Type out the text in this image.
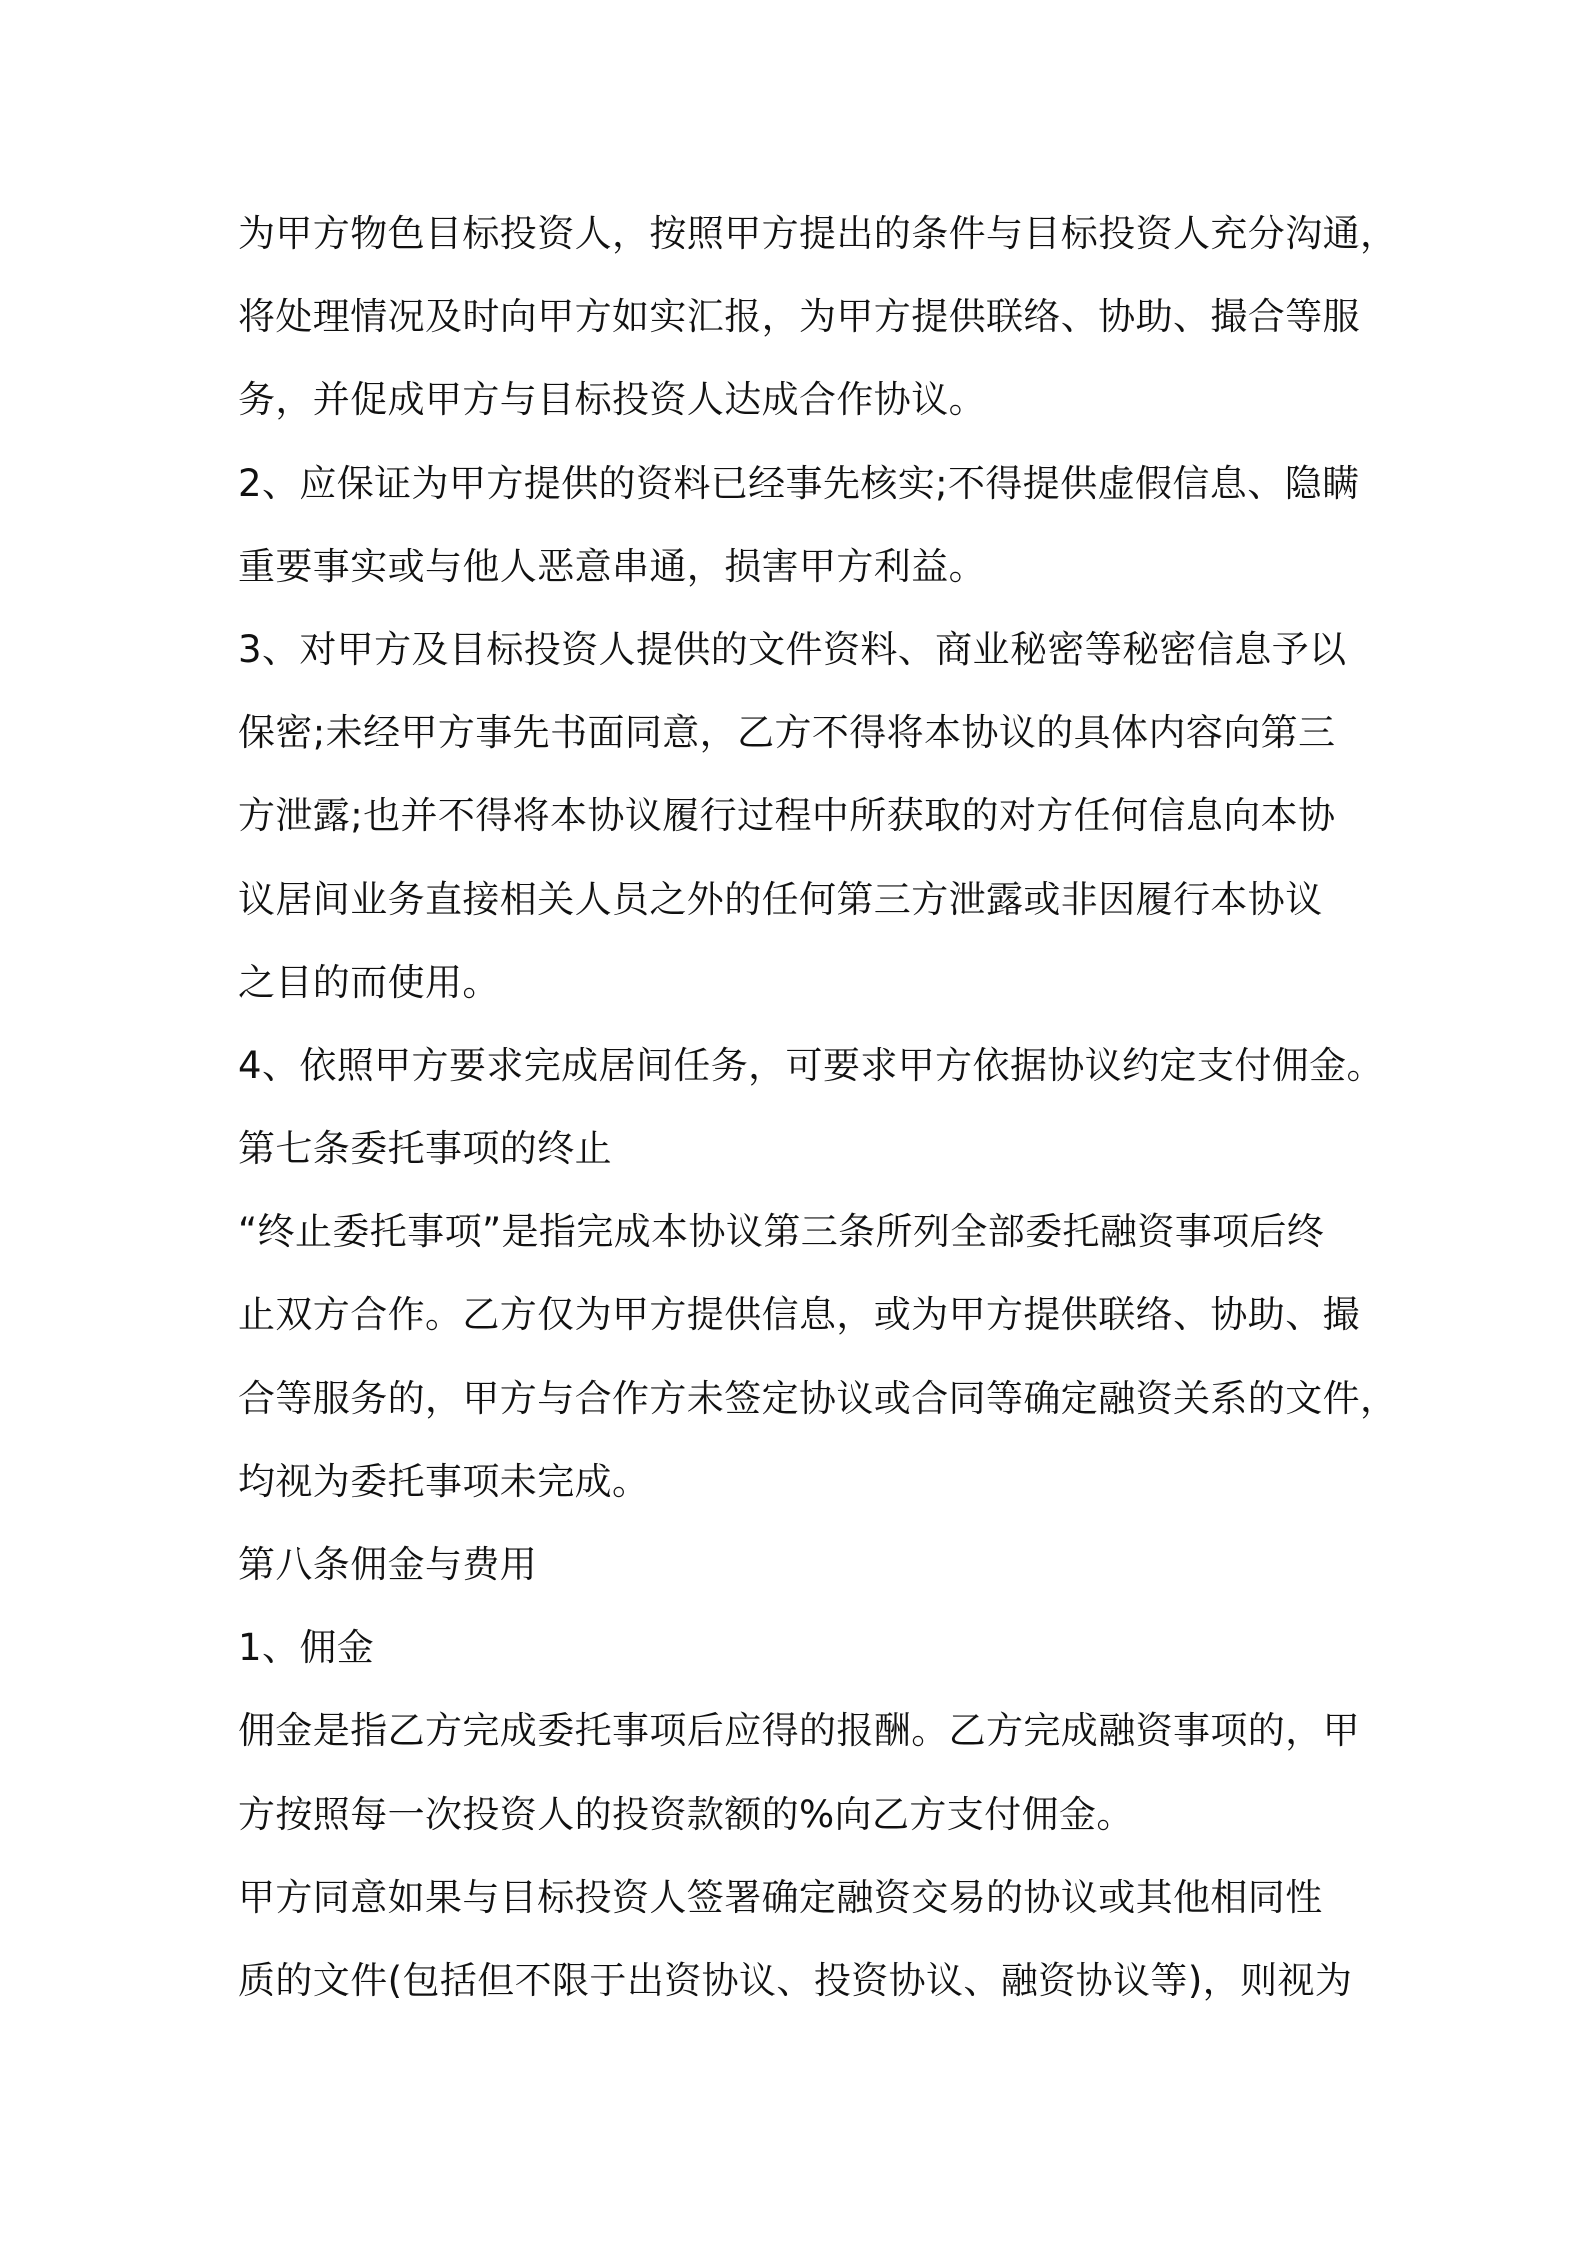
为甲方物色目标投资人，按照甲方提出的条件与目标投资人充分沟通，
将处理情况及时向甲方如实汇报，为甲方提供联络、协助、撮合等服
务，并促成甲方与目标投资人达成合作协议。
2、应保证为甲方提供的资料已经事先核实;不得提供虚假信息、隐瞒
重要事实或与他人恶意串通，损害甲方利益。
3、对甲方及目标投资人提供的文件资料、商业秘密等秘密信息予以
保密;未经甲方事先书面同意，乙方不得将本协议的具体内容向第三
方泄露;也并不得将本协议履行过程中所获取的对方任何信息向本协
议居间业务直接相关人员之外的任何第三方泄露或非因履行本协议
之目的而使用。
4、依照甲方要求完成居间任务，可要求甲方依据协议约定支付佣金。
第七条委托事项的终止
“终止委托事项”是指完成本协议第三条所列全部委托融资事项后终
止双方合作。乙方仅为甲方提供信息，或为甲方提供联络、协助、撮
合等服务的，甲方与合作方未签定协议或合同等确定融资关系的文件，
均视为委托事项未完成。
第八条佣金与费用
1、佣金
佣金是指乙方完成委托事项后应得的报酬。乙方完成融资事项的，甲
方按照每一次投资人的投资款额的%向乙方支付佣金。
甲方同意如果与目标投资人签署确定融资交易的协议或其他相同性
质的文件(包括但不限于出资协议、投资协议、融资协议等)，则视为
